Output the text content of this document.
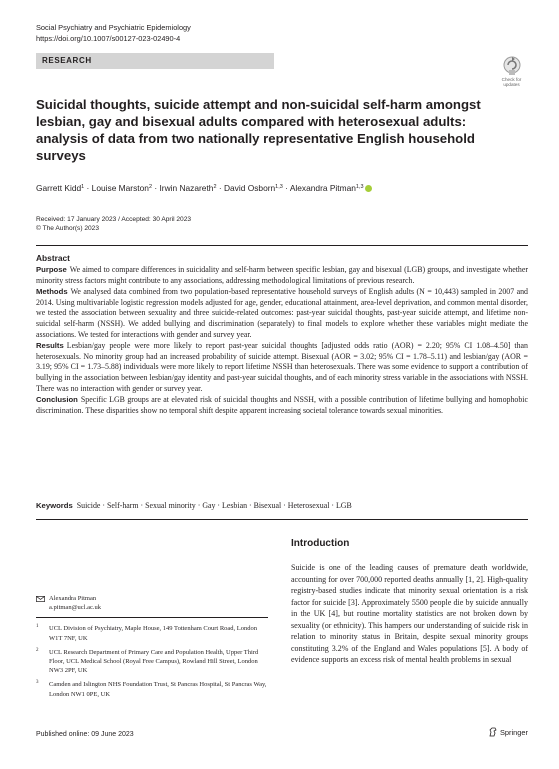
Social Psychiatry and Psychiatric Epidemiology
https://doi.org/10.1007/s00127-023-02490-4
RESEARCH
Check for
updates
Suicidal thoughts, suicide attempt and non-suicidal self-harm amongst lesbian, gay and bisexual adults compared with heterosexual adults: analysis of data from two nationally representative English household surveys
Garrett Kidd$^1$ · Louise Marston$^2$ · Irwin Nazareth$^2$ · David Osborn$^{1,3}$ · Alexandra Pitman$^{1,3}$
Received: 17 January 2023 / Accepted: 30 April 2023
© The Author(s) 2023
Abstract

Purpose We aimed to compare differences in suicidality and self-harm between specific lesbian, gay and bisexual (LGB) groups, and investigate whether minority stress factors might contribute to any associations, addressing methodological limitations of previous research.

Methods We analysed data combined from two population-based representative household surveys of English adults (N = 10,443) sampled in 2007 and 2014. Using multivariable logistic regression models adjusted for age, gender, educational attainment, area-level deprivation, and common mental disorder, we tested the association between sexuality and three suicide-related outcomes: past-year suicidal thoughts, past-year suicide attempt, and lifetime non-suicidal self-harm (NSSH). We added bullying and discrimination (separately) to final models to explore whether these variables might mediate the associations. We tested for interactions with gender and survey year.

Results Lesbian/gay people were more likely to report past-year suicidal thoughts [adjusted odds ratio (AOR) = 2.20; 95% CI 1.08–4.50] than heterosexuals. No minority group had an increased probability of suicide attempt. Bisexual (AOR = 3.02; 95% CI = 1.78–5.11) and lesbian/gay (AOR = 3.19; 95% CI = 1.73–5.88) individuals were more likely to report lifetime NSSH than heterosexuals. There was some evidence to support a contribution of bullying in the association between lesbian/gay identity and past-year suicidal thoughts, and of each minority stress variable in the associations with NSSH. There was no interaction with gender or survey year.

Conclusion Specific LGB groups are at elevated risk of suicidal thoughts and NSSH, with a possible contribution of lifetime bullying and homophobic discrimination. These disparities show no temporal shift despite apparent increasing societal tolerance towards sexual minorities.

Keywords Suicide · Self-harm · Sexual minority · Gay · Lesbian · Bisexual · Heterosexual · LGB
Introduction

Suicide is one of the leading causes of premature death worldwide, accounting for over 700,000 reported deaths annually [1, 2]. High-quality registry-based studies indicate that minority sexual orientation is a risk factor for suicide [3]. Approximately 5500 people die by suicide annually in the UK [4], but routine mortality statistics are not broken down by sexuality (or ethnicity). This hampers our understanding of suicide risk in relation to minority status in Britain, despite sexual minority groups constituting 3.2% of the England and Wales populations [5]. A body of evidence supports an excess risk of mental health problems in sexual

Alexandra Pitman
a.pitman@ucl.ac.uk
1 UCL Division of Psychiatry, Maple House, 149 Tottenham Court Road, London W1T 7NF, UK
2 UCL Research Department of Primary Care and Population Health, Upper Third Floor, UCL Medical School (Royal Free Campus), Rowland Hill Street, London NW3 2PF, UK
3 Camden and Islington NHS Foundation Trust, St Pancras Hospital, St Pancras Way, London NW1 0PE, UK
Published online: 09 June 2023	Springer
